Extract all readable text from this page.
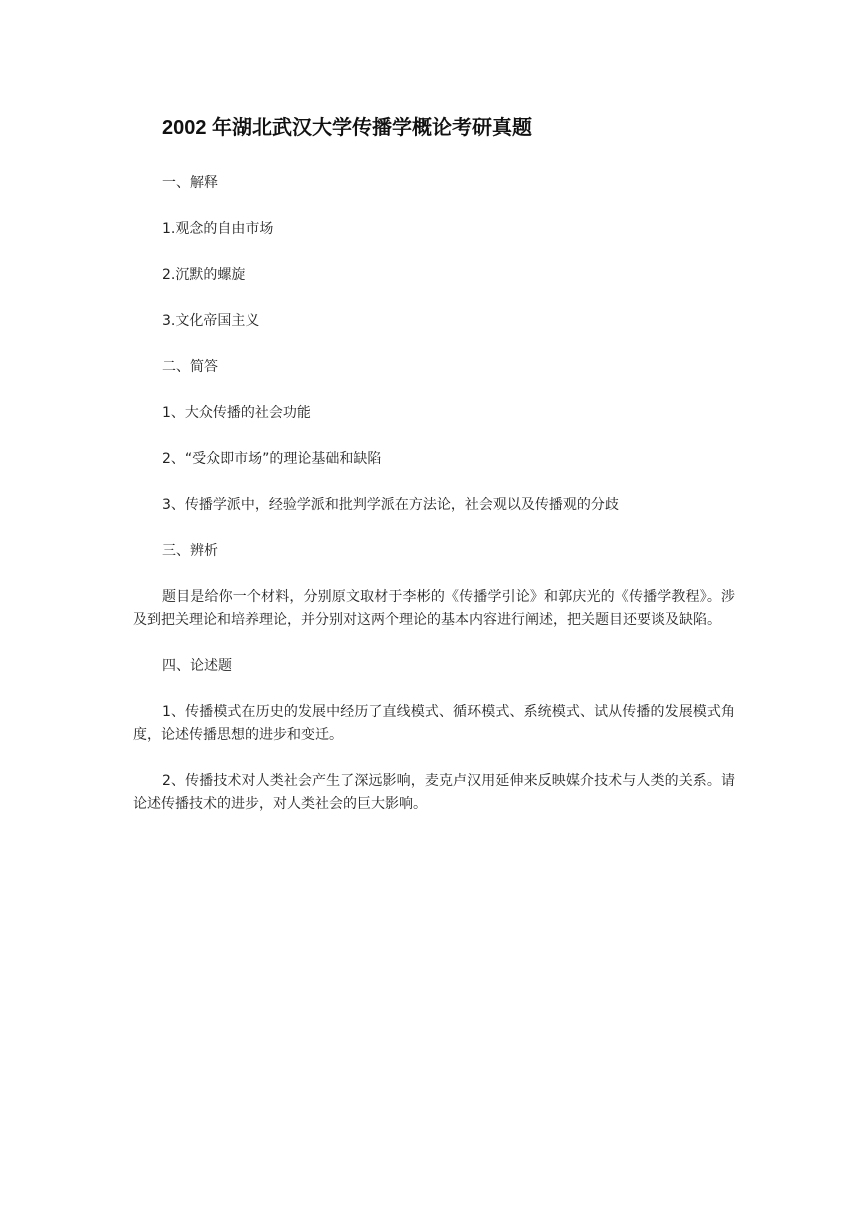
2002 年湖北武汉大学传播学概论考研真题

一、解释

1.观念的自由市场

2.沉默的螺旋

3.文化帝国主义

二、简答

1、大众传播的社会功能

2、“受众即市场”的理论基础和缺陷

3、传播学派中，经验学派和批判学派在方法论，社会观以及传播观的分歧

三、辨析

题目是给你一个材料，分别原文取材于李彬的《传播学引论》和郭庆光的《传播学教程》。涉及到把关理论和培养理论，并分别对这两个理论的基本内容进行阐述，把关题目还要谈及缺陷。

四、论述题

1、传播模式在历史的发展中经历了直线模式、循环模式、系统模式、试从传播的发展模式角度，论述传播思想的进步和变迁。

2、传播技术对人类社会产生了深远影响，麦克卢汉用延伸来反映媒介技术与人类的关系。请论述传播技术的进步，对人类社会的巨大影响。
